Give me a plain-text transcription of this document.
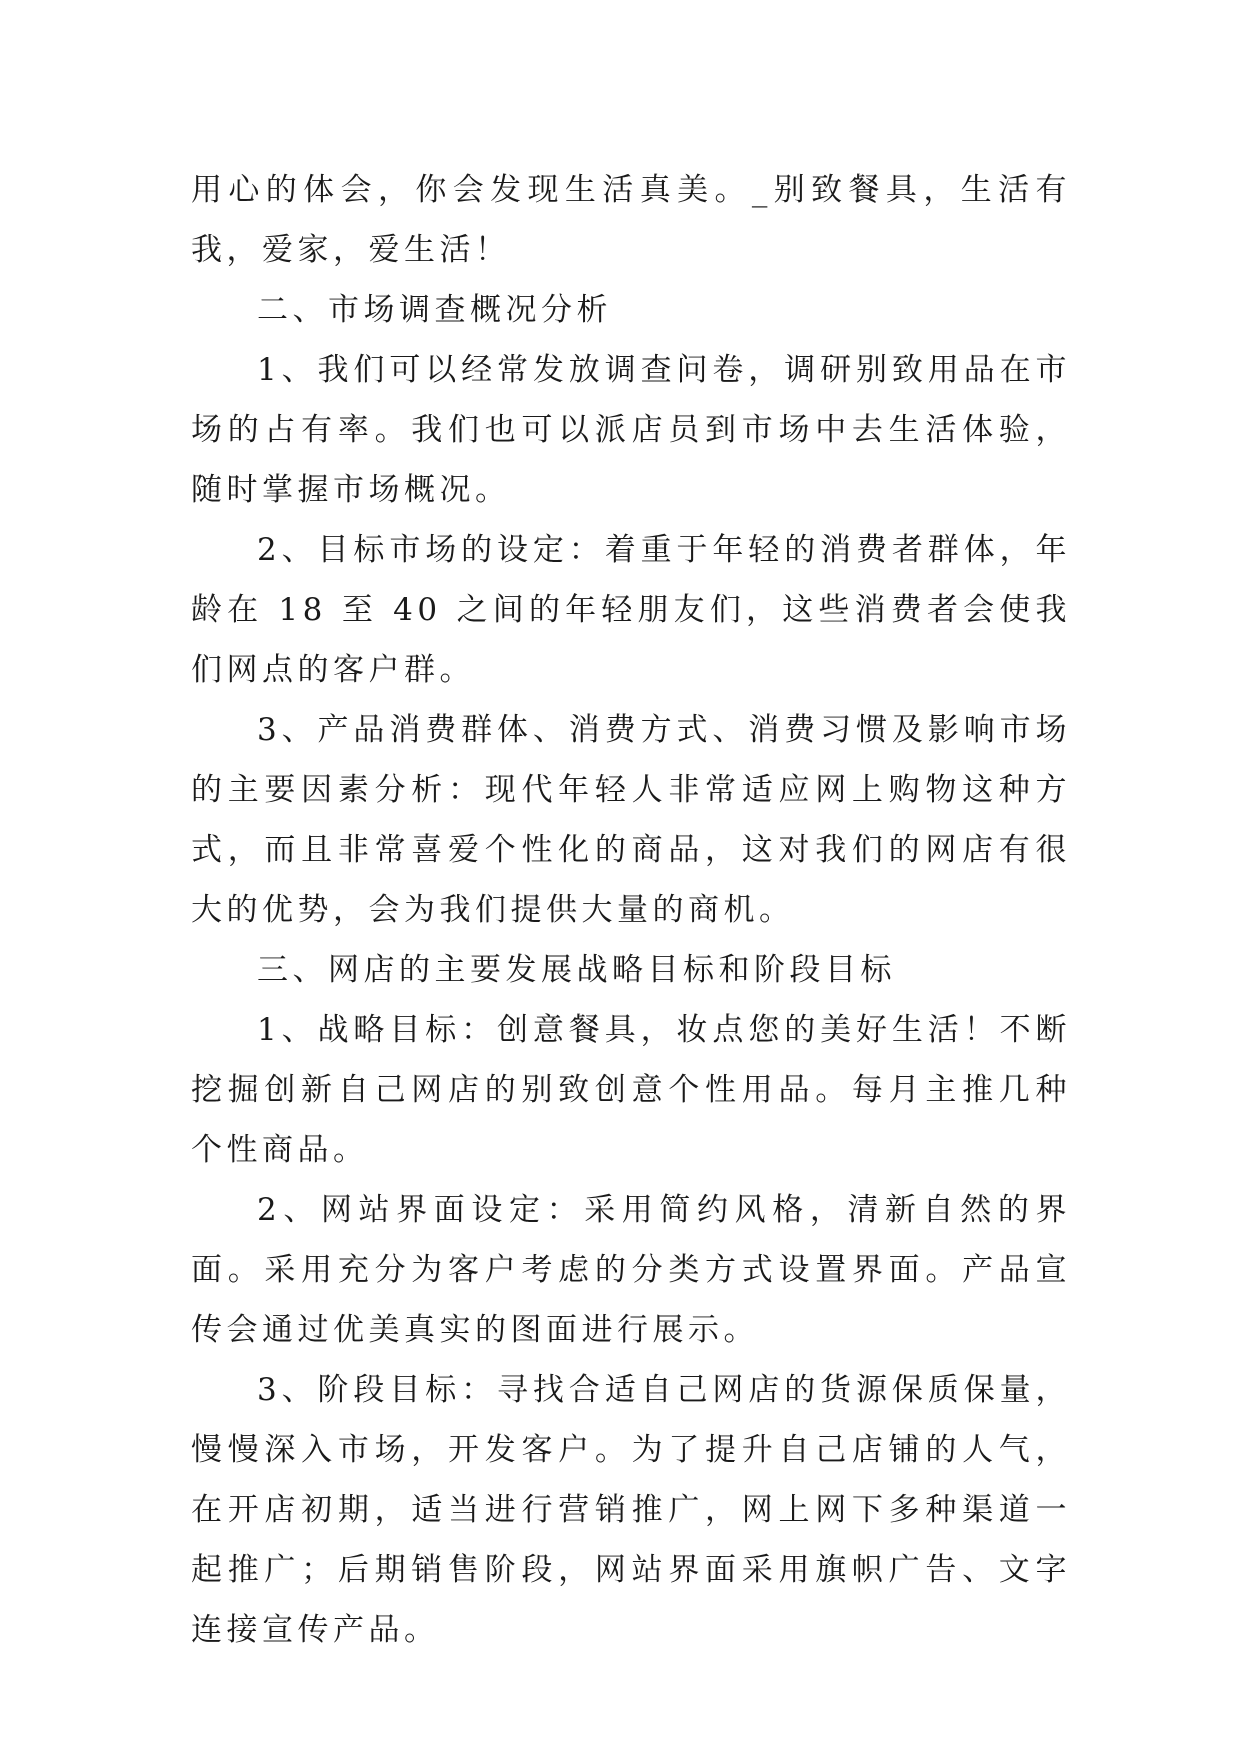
用心的体会，你会发现生活真美。_别致餐具，生活有我，爱家，爱生活！

二、市场调查概况分析

1、我们可以经常发放调查问卷，调研别致用品在市场的占有率。我们也可以派店员到市场中去生活体验，随时掌握市场概况。

2、目标市场的设定：着重于年轻的消费者群体，年龄在 18 至 40 之间的年轻朋友们，这些消费者会使我们网点的客户群。

3、产品消费群体、消费方式、消费习惯及影响市场的主要因素分析：现代年轻人非常适应网上购物这种方式，而且非常喜爱个性化的商品，这对我们的网店有很大的优势，会为我们提供大量的商机。

三、网店的主要发展战略目标和阶段目标

1、战略目标：创意餐具，妆点您的美好生活！不断挖掘创新自己网店的别致创意个性用品。每月主推几种个性商品。

2、网站界面设定：采用简约风格，清新自然的界面。采用充分为客户考虑的分类方式设置界面。产品宣传会通过优美真实的图面进行展示。

3、阶段目标：寻找合适自己网店的货源保质保量，慢慢深入市场，开发客户。为了提升自己店铺的人气，在开店初期，适当进行营销推广，网上网下多种渠道一起推广；后期销售阶段，网站界面采用旗帜广告、文字连接宣传产品。
